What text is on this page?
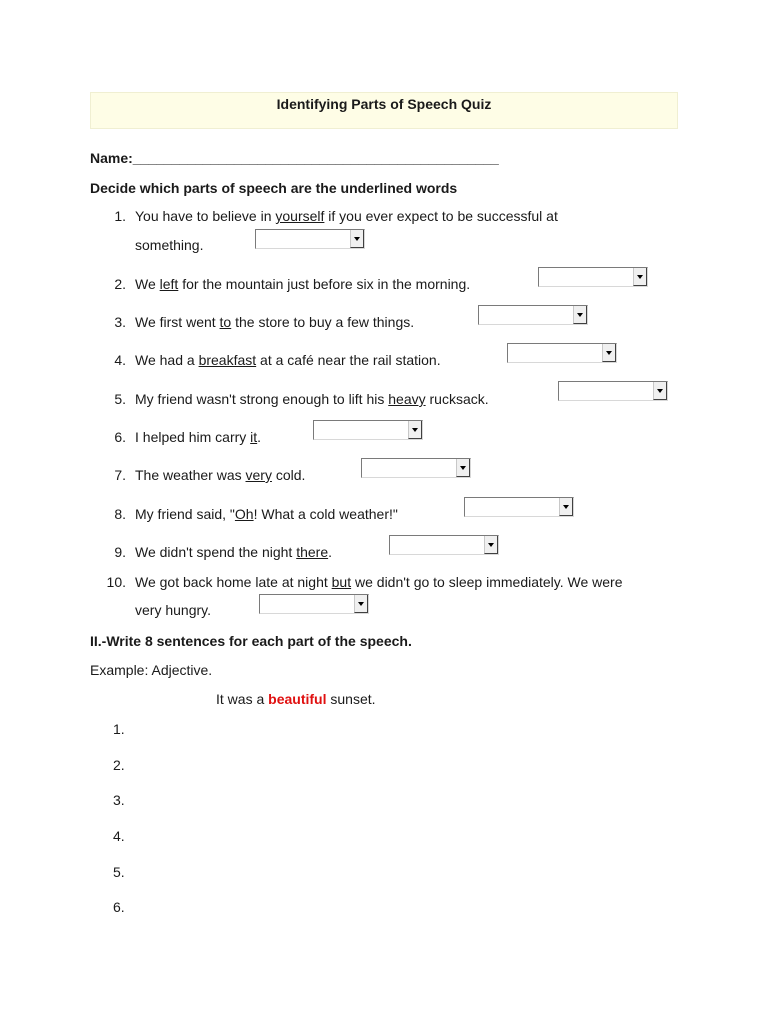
Identifying Parts of Speech Quiz
Name:_______________________________________________
Decide which parts of speech are the underlined words
1. You have to believe in yourself if you ever expect to be successful at
something.
2. We left for the mountain just before six in the morning.
3. We first went to the store to buy a few things.
4. We had a breakfast at a café near the rail station.
5. My friend wasn't strong enough to lift his heavy rucksack.
6. I helped him carry it.
7. The weather was very cold.
8. My friend said, "Oh! What a cold weather!"
9. We didn't spend the night there.
10. We got back home late at night but we didn't go to sleep immediately. We were
very hungry.
II.-Write 8 sentences for each part of the speech.
Example: Adjective.
It was a beautiful sunset.
1.
2.
3.
4.
5.
6.
